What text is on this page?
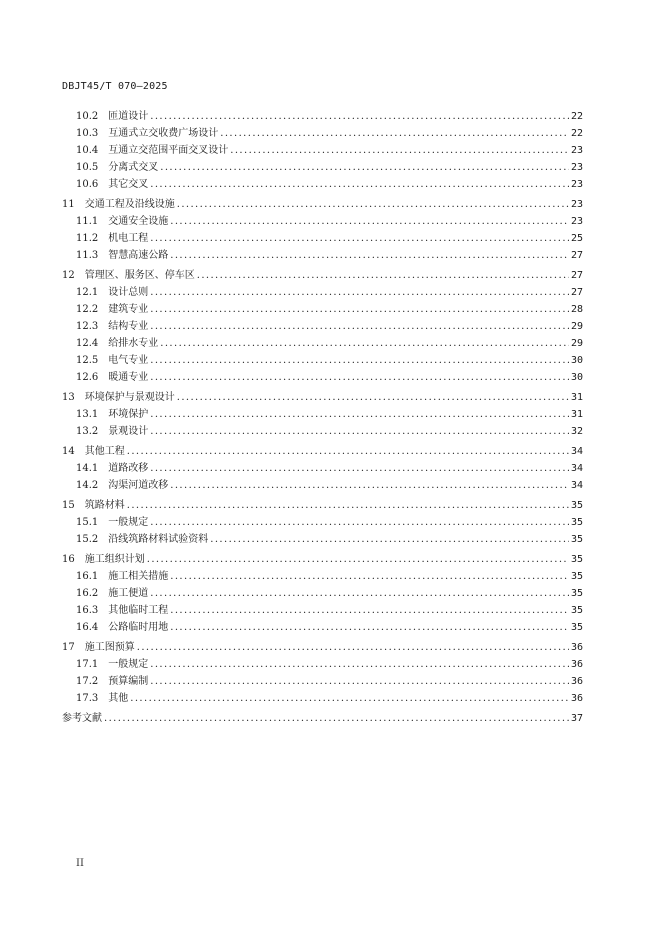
DBJT45/T 070—2025
10.2	匝道设计 .....	22
10.3	互通式立交收费广场设计 .....	22
10.4	互通立交范围平面交叉设计 .....	23
10.5	分离式交叉 .....	23
10.6	其它交叉 .....	23
11	交通工程及沿线设施 .....	23
11.1	交通安全设施 .....	23
11.2	机电工程 .....	25
11.3	智慧高速公路 .....	27
12	管理区、服务区、停车区 .....	27
12.1	设计总则 .....	27
12.2	建筑专业 .....	28
12.3	结构专业 .....	29
12.4	给排水专业 .....	29
12.5	电气专业 .....	30
12.6	暖通专业 .....	30
13	环境保护与景观设计 .....	31
13.1	环境保护 .....	31
13.2	景观设计 .....	32
14	其他工程 .....	34
14.1	道路改移 .....	34
14.2	沟渠河道改移 .....	34
15	筑路材料 .....	35
15.1	一般规定 .....	35
15.2	沿线筑路材料试验资料 .....	35
16	施工组织计划 .....	35
16.1	施工相关措施 .....	35
16.2	施工便道 .....	35
16.3	其他临时工程 .....	35
16.4	公路临时用地 .....	35
17	施工图预算 .....	36
17.1	一般规定 .....	36
17.2	预算编制 .....	36
17.3	其他 .....	36
参考文献 .....	37
II
